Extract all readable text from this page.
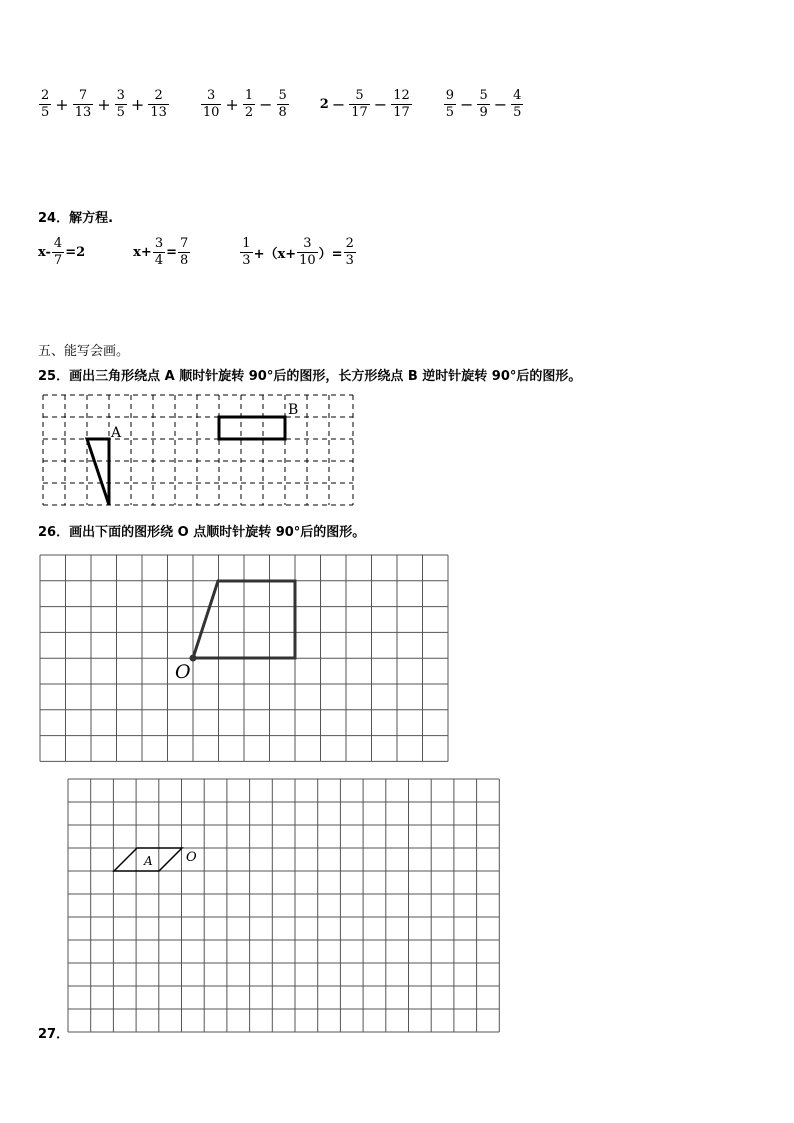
$\frac{2}{5} + \frac{7}{13} + \frac{3}{5} + \frac{2}{13} \frac{3}{10} + \frac{1}{2} - \frac{5}{8} 2 - \frac{5}{17} - \frac{12}{17} \frac{9}{5} - \frac{5}{9} - \frac{4}{5}$
24．解方程.
$x- \frac{4}{7} =2$	$x+ \frac{3}{4} = \frac{7}{8}$	$\frac{1}{3} +(x+ \frac{3}{10}$ ）= $\frac{2}{3}$
五、能写会画。
25．画出三角形绕点 A 顺时针旋转 90°后的图形，长方形绕点 B 逆时针旋转 90°后的图形。
A
B
26．画出下面的图形绕 O 点顺时针旋转 90°后的图形。
O
A	O
27．
